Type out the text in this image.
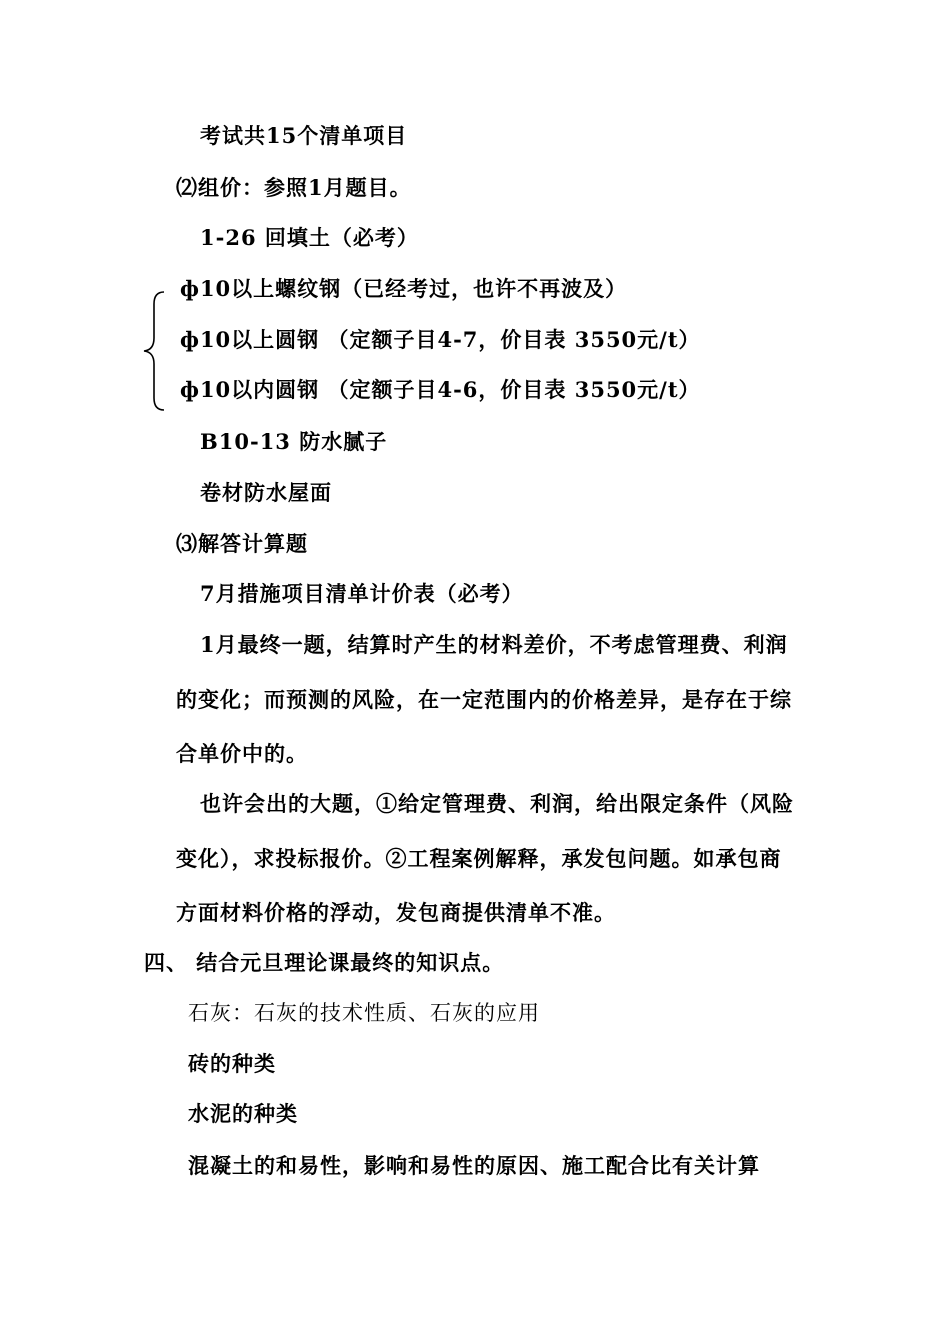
考试共15个清单项目
⑵组价：参照1月题目。
1-26 回填土（必考）
ф10以上螺纹钢（已经考过，也许不再波及）
ф10以上圆钢 （定额子目4-7，价目表 3550元/t）
ф10以内圆钢 （定额子目4-6，价目表 3550元/t）
B10-13 防水腻子
卷材防水屋面
⑶解答计算题
7月措施项目清单计价表（必考）
1月最终一题，结算时产生的材料差价，不考虑管理费、利润
的变化；而预测的风险，在一定范围内的价格差异，是存在于综
合单价中的。
也许会出的大题，①给定管理费、利润，给出限定条件（风险
变化），求投标报价。②工程案例解释，承发包问题。如承包商
方面材料价格的浮动，发包商提供清单不准。
四、 结合元旦理论课最终的知识点。
石灰：石灰的技术性质、石灰的应用
砖的种类
水泥的种类
混凝土的和易性，影响和易性的原因、施工配合比有关计算
